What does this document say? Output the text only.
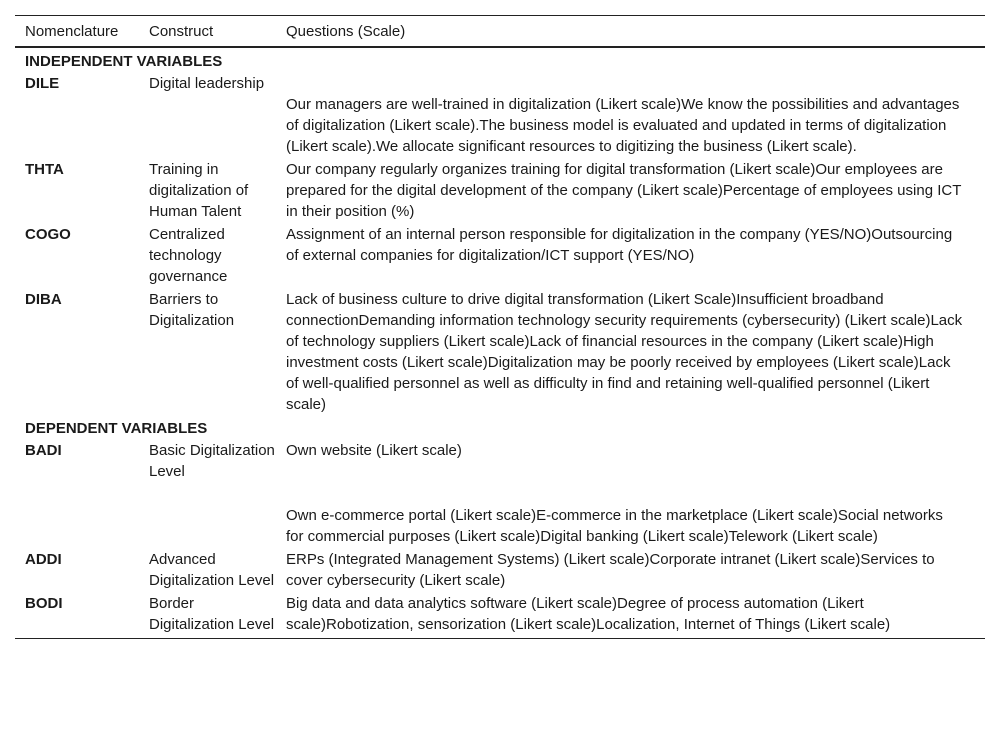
Nomenclature	Construct	Questions (Scale)
INDEPENDENT VARIABLES		
DILE	Digital leadership	Our managers are well-trained in digitalization (Likert scale)We know the possibilities and advantages of digitalization (Likert scale).The business model is evaluated and updated in terms of digitalization (Likert scale).We allocate significant resources to digitizing the business (Likert scale).
THTA	Training in digitalization of Human Talent	Our company regularly organizes training for digital transformation (Likert scale)Our employees are prepared for the digital development of the company (Likert scale)Percentage of employees using ICT in their position (%)
COGO	Centralized technology governance	Assignment of an internal person responsible for digitalization in the company (YES/NO)Outsourcing of external companies for digitalization/ICT support (YES/NO)
DIBA	Barriers to Digitalization	Lack of business culture to drive digital transformation (Likert Scale)Insufficient broadband connectionDemanding information technology security requirements (cybersecurity) (Likert scale)Lack of technology suppliers (Likert scale)Lack of financial resources in the company (Likert scale)High investment costs (Likert scale)Digitalization may be poorly received by employees (Likert scale)Lack of well-qualified personnel as well as difficulty in find and retaining well-qualified personnel (Likert scale)
DEPENDENT VARIABLES		
BADI	Basic Digitalization Level	Own website (Likert scale)
Own e-commerce portal (Likert scale)E-commerce in the marketplace (Likert scale)Social networks for commercial purposes (Likert scale)Digital banking (Likert scale)Telework (Likert scale)

ADDI	Advanced Digitalization Level	ERPs (Integrated Management Systems) (Likert scale)Corporate intranet (Likert scale)Services to cover cybersecurity (Likert scale)
BODI	Border Digitalization Level	Big data and data analytics software (Likert scale)Degree of process automation (Likert scale)Robotization, sensorization (Likert scale)Localization, Internet of Things (Likert scale)
